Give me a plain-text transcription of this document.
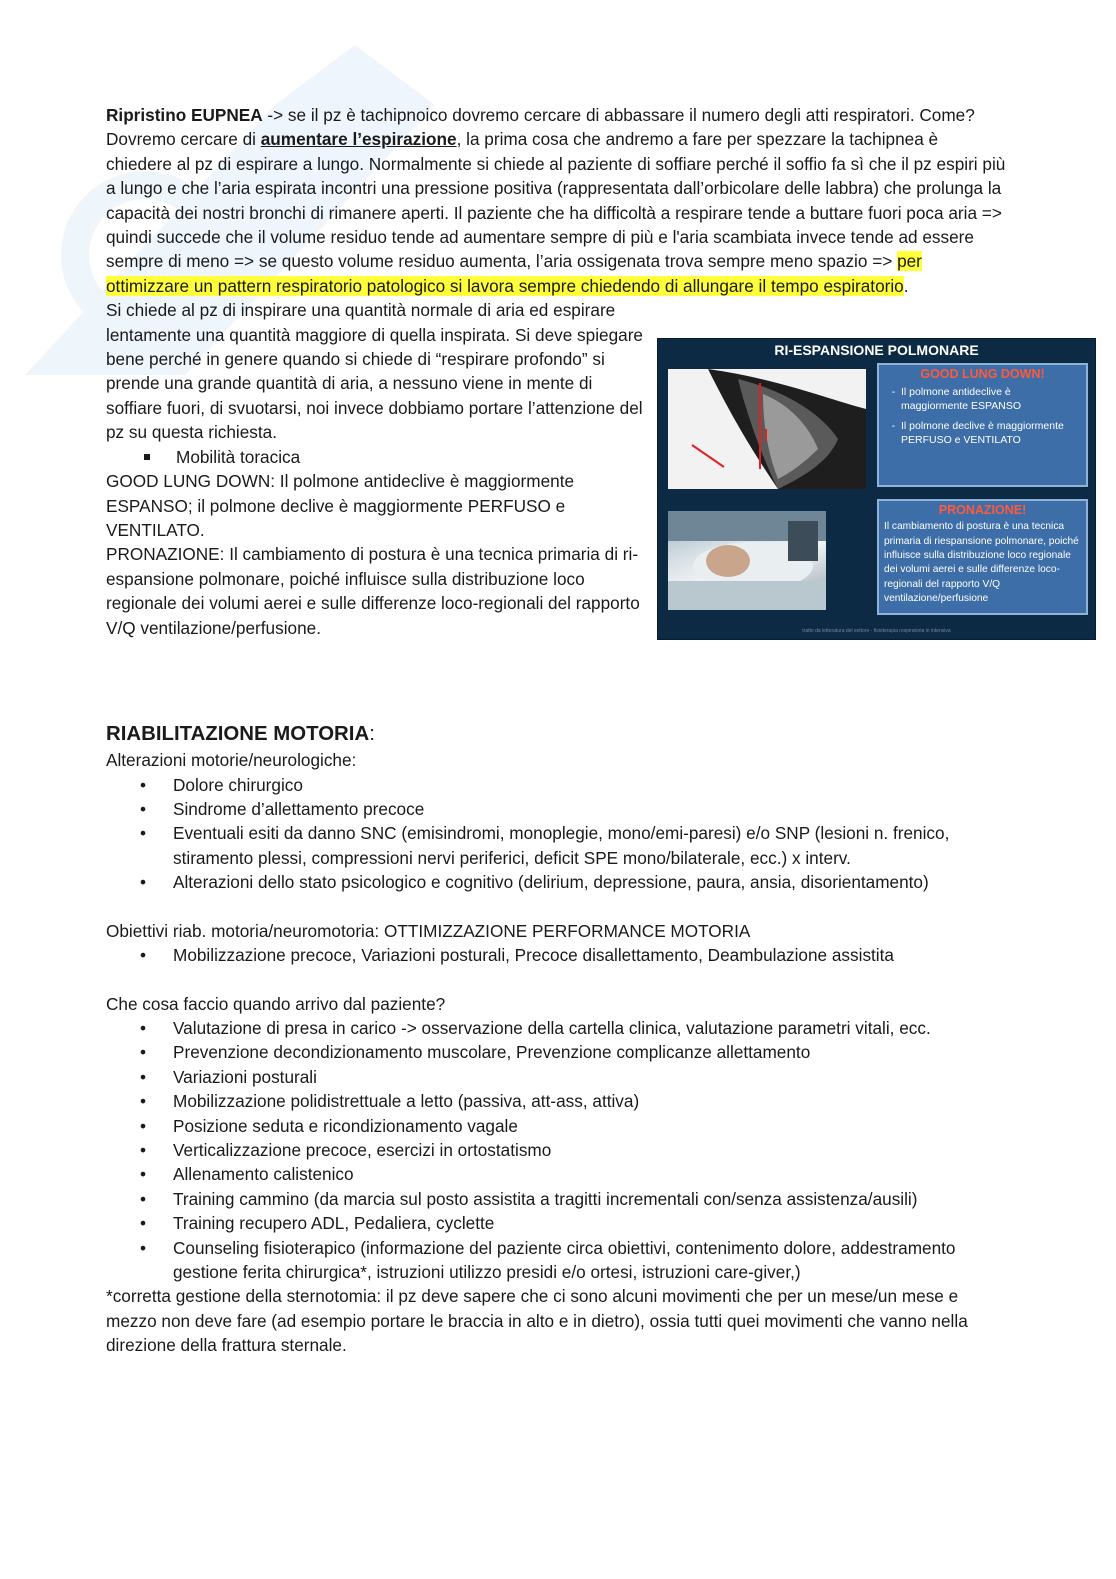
Ripristino EUPNEA -> se il pz è tachipnoico dovremo cercare di abbassare il numero degli atti respiratori. Come? Dovremo cercare di aumentare l’espirazione, la prima cosa che andremo a fare per spezzare la tachipnea è chiedere al pz di espirare a lungo. Normalmente si chiede al paziente di soffiare perché il soffio fa sì che il pz espiri più a lungo e che l’aria espirata incontri una pressione positiva (rappresentata dall’orbicolare delle labbra) che prolunga la capacità dei nostri bronchi di rimanere aperti. Il paziente che ha difficoltà a respirare tende a buttare fuori poca aria => quindi succede che il volume residuo tende ad aumentare sempre di più e l'aria scambiata invece tende ad essere sempre di meno => se questo volume residuo aumenta, l’aria ossigenata trova sempre meno spazio => per ottimizzare un pattern respiratorio patologico si lavora sempre chiedendo di allungare il tempo espiratorio.

Si chiede al pz di inspirare una quantità normale di aria ed espirare lentamente una quantità maggiore di quella inspirata. Si deve spiegare bene perché in genere quando si chiede di “respirare profondo” si prende una grande quantità di aria, a nessuno viene in mente di soffiare fuori, di svuotarsi, noi invece dobbiamo portare l’attenzione del pz su questa richiesta.

Mobilità toracica

GOOD LUNG DOWN: Il polmone antideclive è maggiormente ESPANSO; il polmone declive è maggiormente PERFUSO e VENTILATO.

PRONAZIONE: Il cambiamento di postura è una tecnica primaria di ri-espansione polmonare, poiché influisce sulla distribuzione loco regionale dei volumi aerei e sulle differenze loco-regionali del rapporto V/Q ventilazione/perfusione.

RI-ESPANSIONE POLMONARE
GOOD LUNG DOWN!
- Il polmone antideclive è maggiormente ESPANSO
- Il polmone declive è maggiormente PERFUSO e VENTILATO
PRONAZIONE!

Il cambiamento di postura è una tecnica primaria di riespansione polmonare, poiché influisce sulla distribuzione loco regionale dei volumi aerei e sulle differenze loco-regionali del rapporto V/Q ventilazione/perfusione

tratto da letteratura del settore - fisioterapia respiratoria in intensiva
RIABILITAZIONE MOTORIA:

Alterazioni motorie/neurologiche:

• Dolore chirurgico
• Sindrome d’allettamento precoce
• Eventuali esiti da danno SNC (emisindromi, monoplegie, mono/emi-paresi) e/o SNP (lesioni n. frenico, stiramento plessi, compressioni nervi periferici, deficit SPE mono/bilaterale, ecc.) x interv.
• Alterazioni dello stato psicologico e cognitivo (delirium, depressione, paura, ansia, disorientamento)

Obiettivi riab. motoria/neuromotoria: OTTIMIZZAZIONE PERFORMANCE MOTORIA

• Mobilizzazione precoce, Variazioni posturali, Precoce disallettamento, Deambulazione assistita

Che cosa faccio quando arrivo dal paziente?

• Valutazione di presa in carico -> osservazione della cartella clinica, valutazione parametri vitali, ecc.
• Prevenzione decondizionamento muscolare, Prevenzione complicanze allettamento
• Variazioni posturali
• Mobilizzazione polidistrettuale a letto (passiva, att-ass, attiva)
• Posizione seduta e ricondizionamento vagale
• Verticalizzazione precoce, esercizi in ortostatismo
• Allenamento calistenico
• Training cammino (da marcia sul posto assistita a tragitti incrementali con/senza assistenza/ausili)
• Training recupero ADL, Pedaliera, cyclette
• Counseling fisioterapico (informazione del paziente circa obiettivi, contenimento dolore, addestramento gestione ferita chirurgica*, istruzioni utilizzo presidi e/o ortesi, istruzioni care-giver,)

*corretta gestione della sternotomia: il pz deve sapere che ci sono alcuni movimenti che per un mese/un mese e mezzo non deve fare (ad esempio portare le braccia in alto e in dietro), ossia tutti quei movimenti che vanno nella direzione della frattura sternale.
